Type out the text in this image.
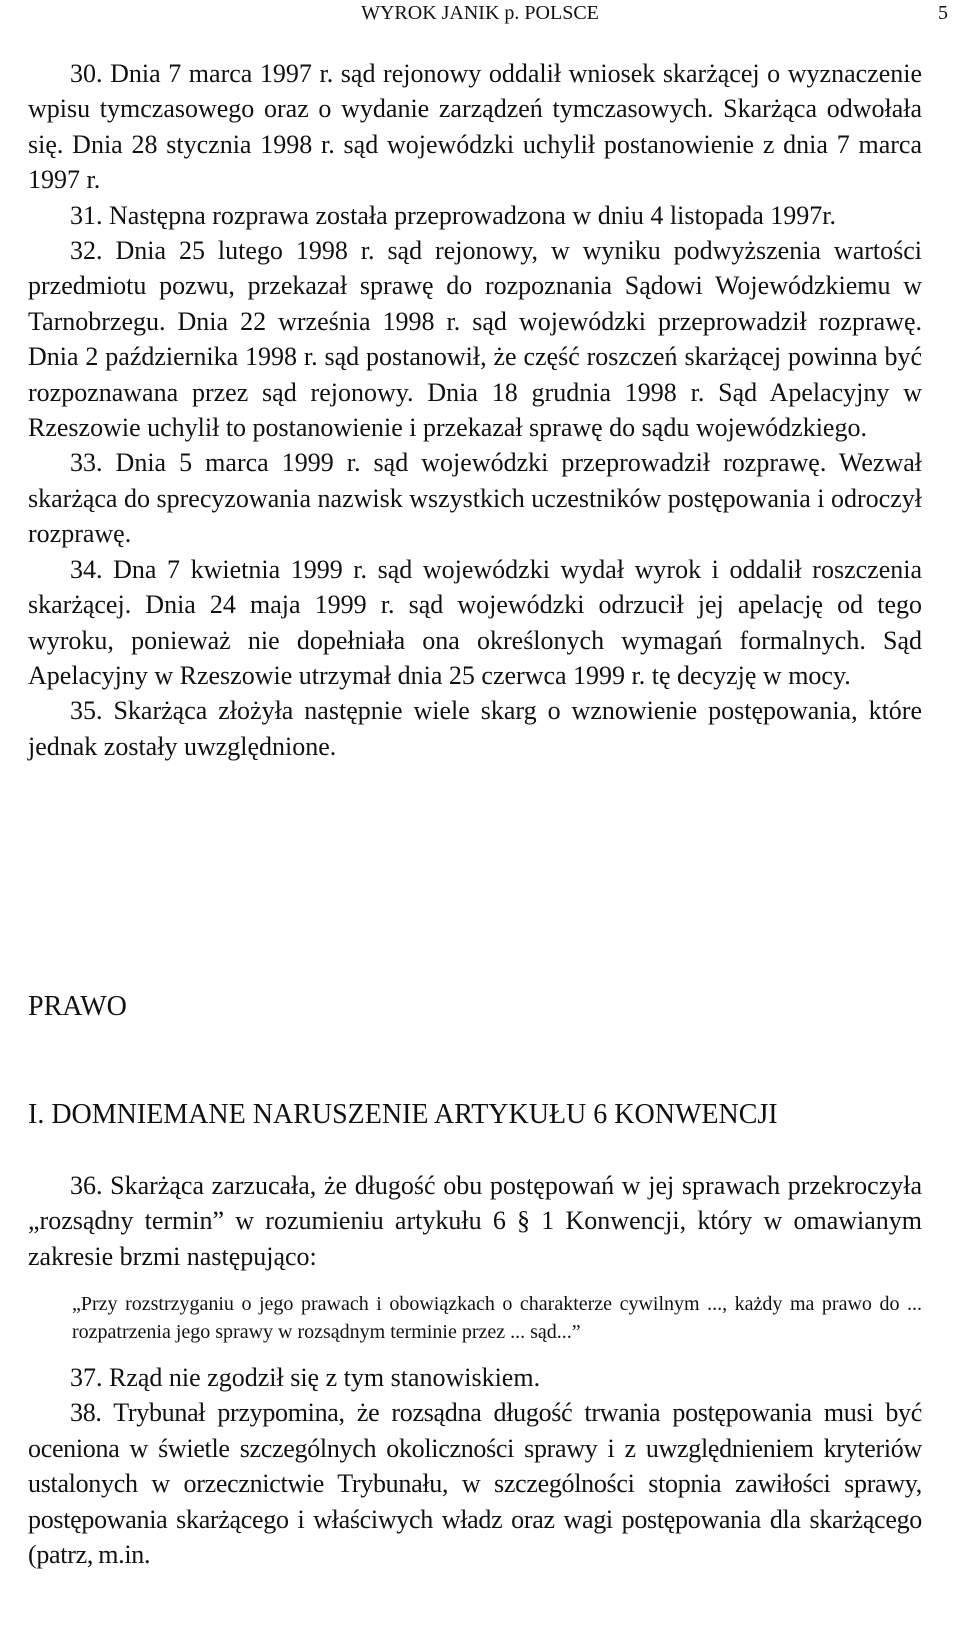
WYROK JANIK p. POLSCE	5

30. Dnia 7 marca 1997 r. sąd rejonowy oddalił wniosek skarżącej o wyznaczenie wpisu tymczasowego oraz o wydanie zarządzeń tymczasowych. Skarżąca odwołała się. Dnia 28 stycznia 1998 r. sąd wojewódzki uchylił postanowienie z dnia 7 marca 1997 r.

31. Następna rozprawa została przeprowadzona w dniu 4 listopada 1997r.

32. Dnia 25 lutego 1998 r. sąd rejonowy, w wyniku podwyższenia wartości przedmiotu pozwu, przekazał sprawę do rozpoznania Sądowi Wojewódzkiemu w Tarnobrzegu. Dnia 22 września 1998 r. sąd wojewódzki przeprowadził rozprawę. Dnia 2 października 1998 r. sąd postanowił, że część roszczeń skarżącej powinna być rozpoznawana przez sąd rejonowy. Dnia 18 grudnia 1998 r. Sąd Apelacyjny w Rzeszowie uchylił to postanowienie i przekazał sprawę do sądu wojewódzkiego.

33. Dnia 5 marca 1999 r. sąd wojewódzki przeprowadził rozprawę. Wezwał skarżąca do sprecyzowania nazwisk wszystkich uczestników postępowania i odroczył rozprawę.

34. Dna 7 kwietnia 1999 r. sąd wojewódzki wydał wyrok i oddalił roszczenia skarżącej. Dnia 24 maja 1999 r. sąd wojewódzki odrzucił jej apelację od tego wyroku, ponieważ nie dopełniała ona określonych wymagań formalnych. Sąd Apelacyjny w Rzeszowie utrzymał dnia 25 czerwca 1999 r. tę decyzję w mocy.

35. Skarżąca złożyła następnie wiele skarg o wznowienie postępowania, które jednak zostały uwzględnione.

PRAWO
I. DOMNIEMANE NARUSZENIE ARTYKUŁU 6 KONWENCJI

36. Skarżąca zarzucała, że długość obu postępowań w jej sprawach przekroczyła „rozsądny termin” w rozumieniu artykułu 6 § 1 Konwencji, który w omawianym zakresie brzmi następująco:

„Przy rozstrzyganiu o jego prawach i obowiązkach o charakterze cywilnym ..., każdy ma prawo do ... rozpatrzenia jego sprawy w rozsądnym terminie przez ... sąd...”

37. Rząd nie zgodził się z tym stanowiskiem.

38. Trybunał przypomina, że rozsądna długość trwania postępowania musi być oceniona w świetle szczególnych okoliczności sprawy i z uwzględnieniem kryteriów ustalonych w orzecznictwie Trybunału, w szczególności stopnia zawiłości sprawy, postępowania skarżącego i właściwych władz oraz wagi postępowania dla skarżącego (patrz, m.in.
